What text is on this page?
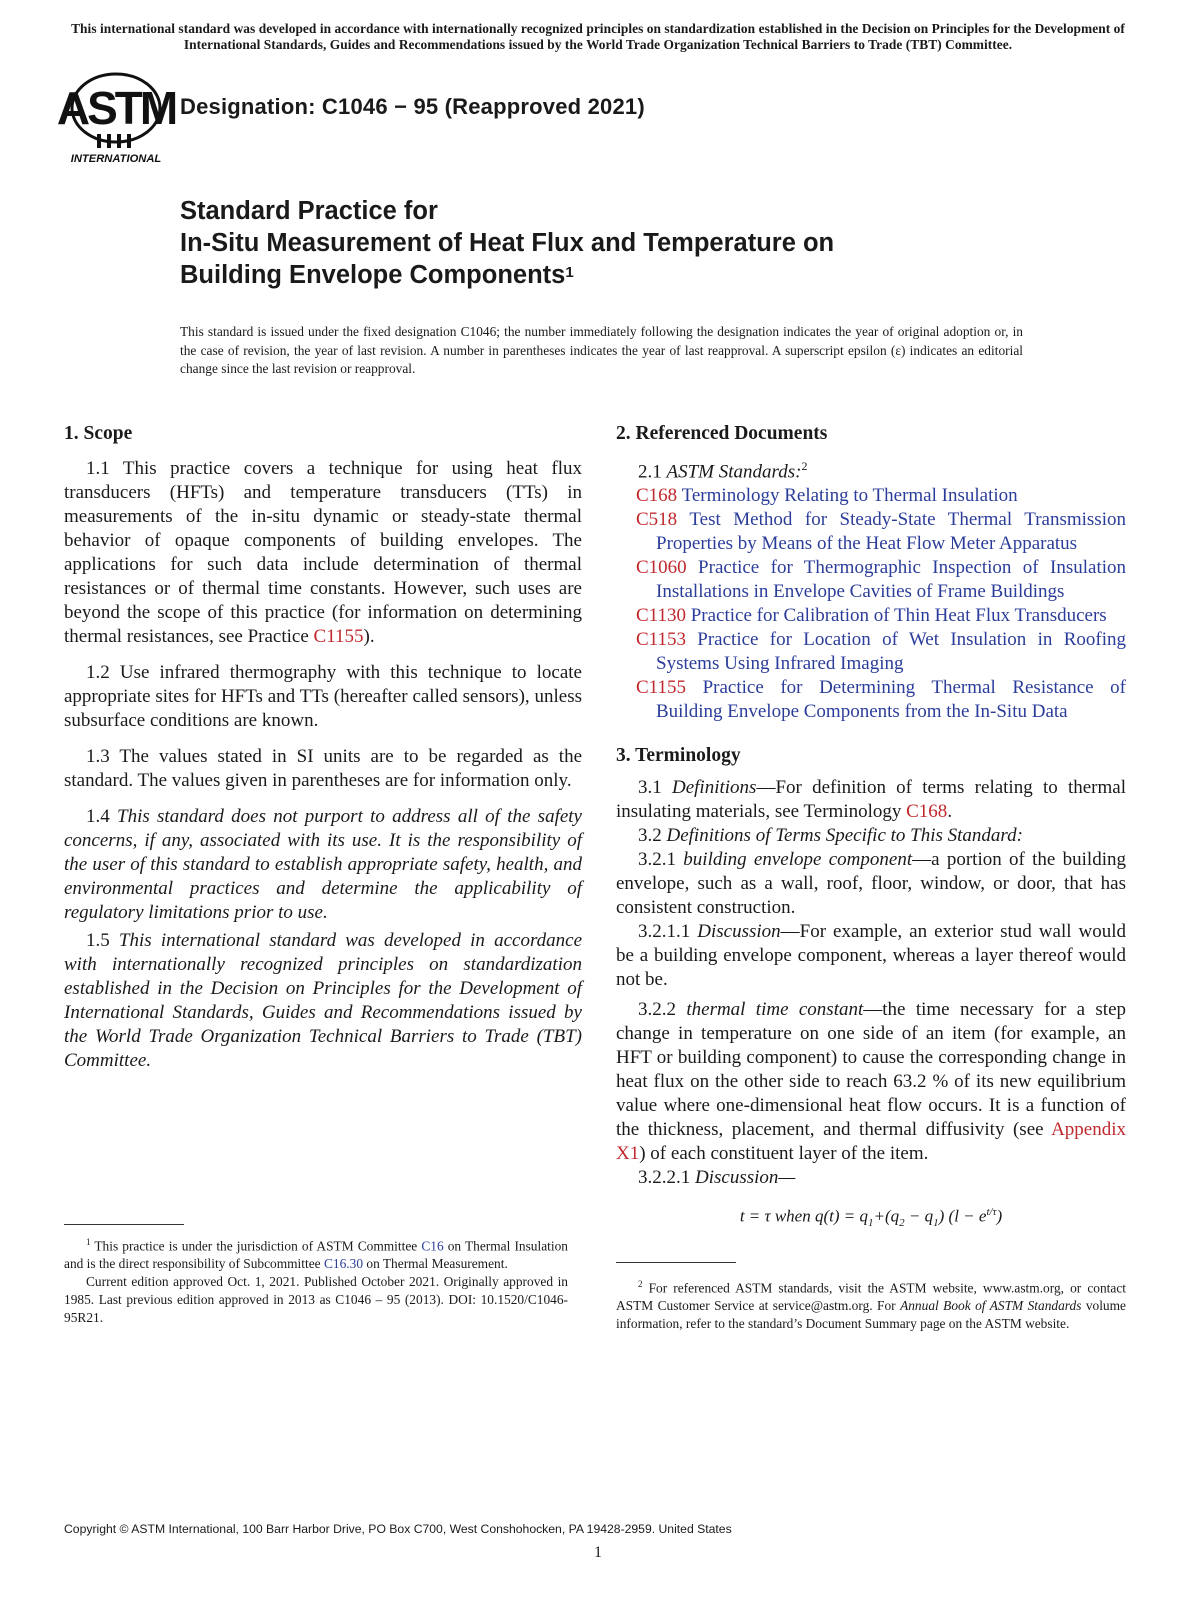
This international standard was developed in accordance with internationally recognized principles on standardization established in the Decision on Principles for the Development of International Standards, Guides and Recommendations issued by the World Trade Organization Technical Barriers to Trade (TBT) Committee.
ASTM
INTERNATIONAL
Designation: C1046 − 95 (Reapproved 2021)
Standard Practice for
In-Situ Measurement of Heat Flux and Temperature on
Building Envelope Components$^1$
This standard is issued under the fixed designation C1046; the number immediately following the designation indicates the year of original adoption or, in the case of revision, the year of last revision. A number in parentheses indicates the year of last reapproval. A superscript epsilon (ε) indicates an editorial change since the last revision or reapproval.

1. Scope

1.1 This practice covers a technique for using heat flux transducers (HFTs) and temperature transducers (TTs) in measurements of the in-situ dynamic or steady-state thermal behavior of opaque components of building envelopes. The applications for such data include determination of thermal resistances or of thermal time constants. However, such uses are beyond the scope of this practice (for information on determining thermal resistances, see Practice C1155).

1.2 Use infrared thermography with this technique to locate appropriate sites for HFTs and TTs (hereafter called sensors), unless subsurface conditions are known.

1.3 The values stated in SI units are to be regarded as the standard. The values given in parentheses are for information only.

1.4 This standard does not purport to address all of the safety concerns, if any, associated with its use. It is the responsibility of the user of this standard to establish appropriate safety, health, and environmental practices and determine the applicability of regulatory limitations prior to use.

1.5 This international standard was developed in accordance with internationally recognized principles on standardization established in the Decision on Principles for the Development of International Standards, Guides and Recommendations issued by the World Trade Organization Technical Barriers to Trade (TBT) Committee.

$^1$ This practice is under the jurisdiction of ASTM Committee C16 on Thermal Insulation and is the direct responsibility of Subcommittee C16.30 on Thermal Measurement.

Current edition approved Oct. 1, 2021. Published October 2021. Originally approved in 1985. Last previous edition approved in 2013 as C1046 – 95 (2013). DOI: 10.1520/C1046-95R21.

2. Referenced Documents

2.1 ASTM Standards:$^2$

C168 Terminology Relating to Thermal Insulation

C518 Test Method for Steady-State Thermal Transmission Properties by Means of the Heat Flow Meter Apparatus

C1060 Practice for Thermographic Inspection of Insulation Installations in Envelope Cavities of Frame Buildings

C1130 Practice for Calibration of Thin Heat Flux Transducers

C1153 Practice for Location of Wet Insulation in Roofing Systems Using Infrared Imaging

C1155 Practice for Determining Thermal Resistance of Building Envelope Components from the In-Situ Data

3. Terminology

3.1 Definitions—For definition of terms relating to thermal insulating materials, see Terminology C168.

3.2 Definitions of Terms Specific to This Standard:

3.2.1 building envelope component—a portion of the building envelope, such as a wall, roof, floor, window, or door, that has consistent construction.

3.2.1.1 Discussion—For example, an exterior stud wall would be a building envelope component, whereas a layer thereof would not be.

3.2.2 thermal time constant—the time necessary for a step change in temperature on one side of an item (for example, an HFT or building component) to cause the corresponding change in heat flux on the other side to reach 63.2 % of its new equilibrium value where one-dimensional heat flow occurs. It is a function of the thickness, placement, and thermal diffusivity (see Appendix X1) of each constituent layer of the item.

3.2.2.1 Discussion—

t = τ when $q(t) = q_1+(q_2 - q_1) (l - e^{t/\tau})$

$^2$ For referenced ASTM standards, visit the ASTM website, www.astm.org, or contact ASTM Customer Service at service@astm.org. For Annual Book of ASTM Standards volume information, refer to the standard’s Document Summary page on the ASTM website.

Copyright © ASTM International, 100 Barr Harbor Drive, PO Box C700, West Conshohocken, PA 19428-2959. United States
1
